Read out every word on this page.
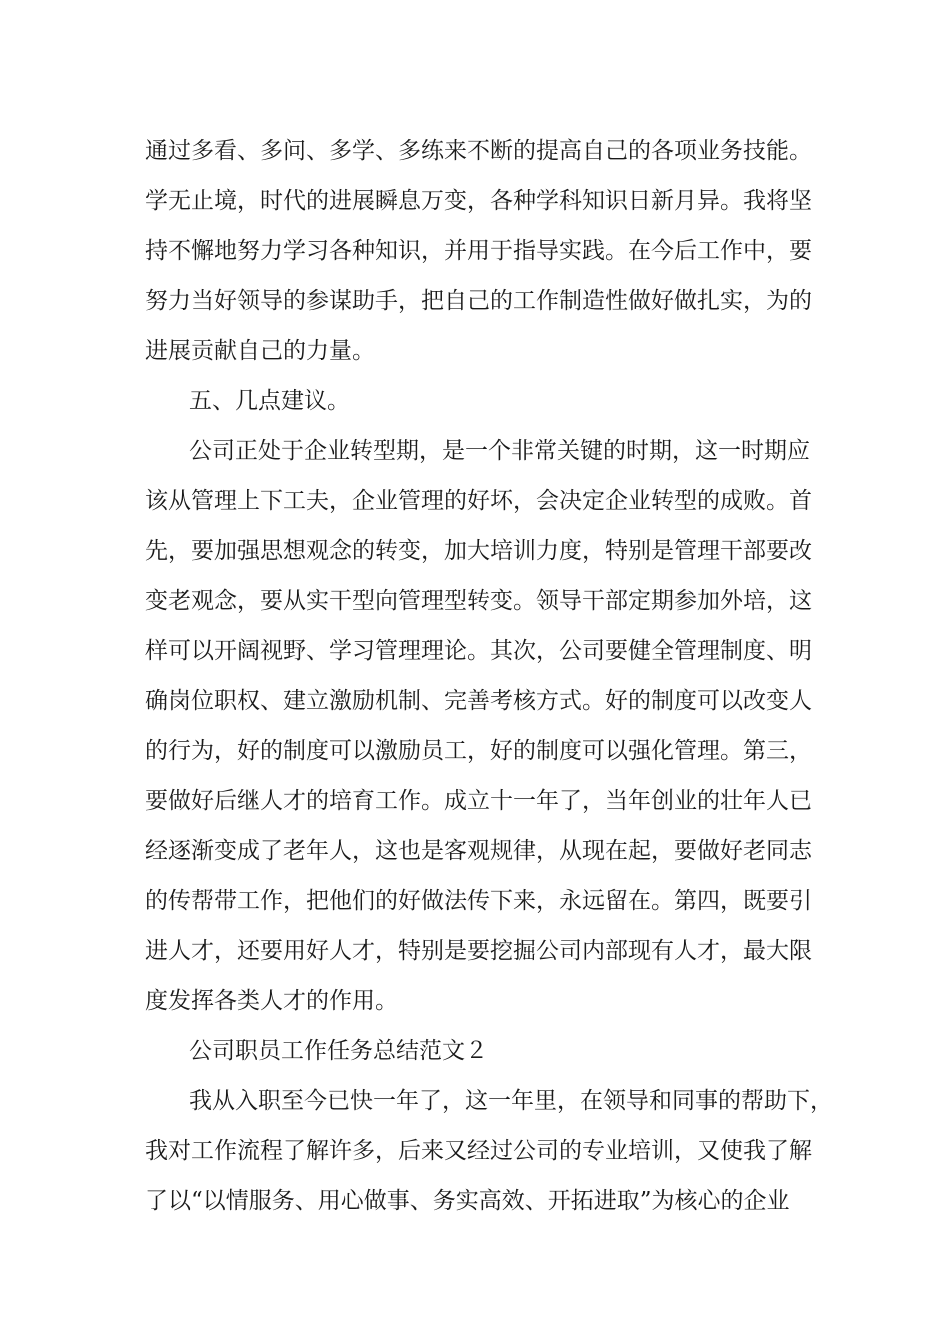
通过多看、多问、多学、多练来不断的提高自己的各项业务技能。
学无止境，时代的进展瞬息万变，各种学科知识日新月异。我将坚
持不懈地努力学习各种知识，并用于指导实践。在今后工作中，要
努力当好领导的参谋助手，把自己的工作制造性做好做扎实，为的
进展贡献自己的力量。
五、几点建议。
公司正处于企业转型期，是一个非常关键的时期，这一时期应
该从管理上下工夫，企业管理的好坏，会决定企业转型的成败。首
先，要加强思想观念的转变，加大培训力度，特别是管理干部要改
变老观念，要从实干型向管理型转变。领导干部定期参加外培，这
样可以开阔视野、学习管理理论。其次，公司要健全管理制度、明
确岗位职权、建立激励机制、完善考核方式。好的制度可以改变人
的行为，好的制度可以激励员工，好的制度可以强化管理。第三，
要做好后继人才的培育工作。成立十一年了，当年创业的壮年人已
经逐渐变成了老年人，这也是客观规律，从现在起，要做好老同志
的传帮带工作，把他们的好做法传下来，永远留在。第四，既要引
进人才，还要用好人才，特别是要挖掘公司内部现有人才，最大限
度发挥各类人才的作用。
公司职员工作任务总结范文２
我从入职至今已快一年了，这一年里，在领导和同事的帮助下，
我对工作流程了解许多，后来又经过公司的专业培训，又使我了解
了以“以情服务、用心做事、务实高效、开拓进取”为核心的企业
